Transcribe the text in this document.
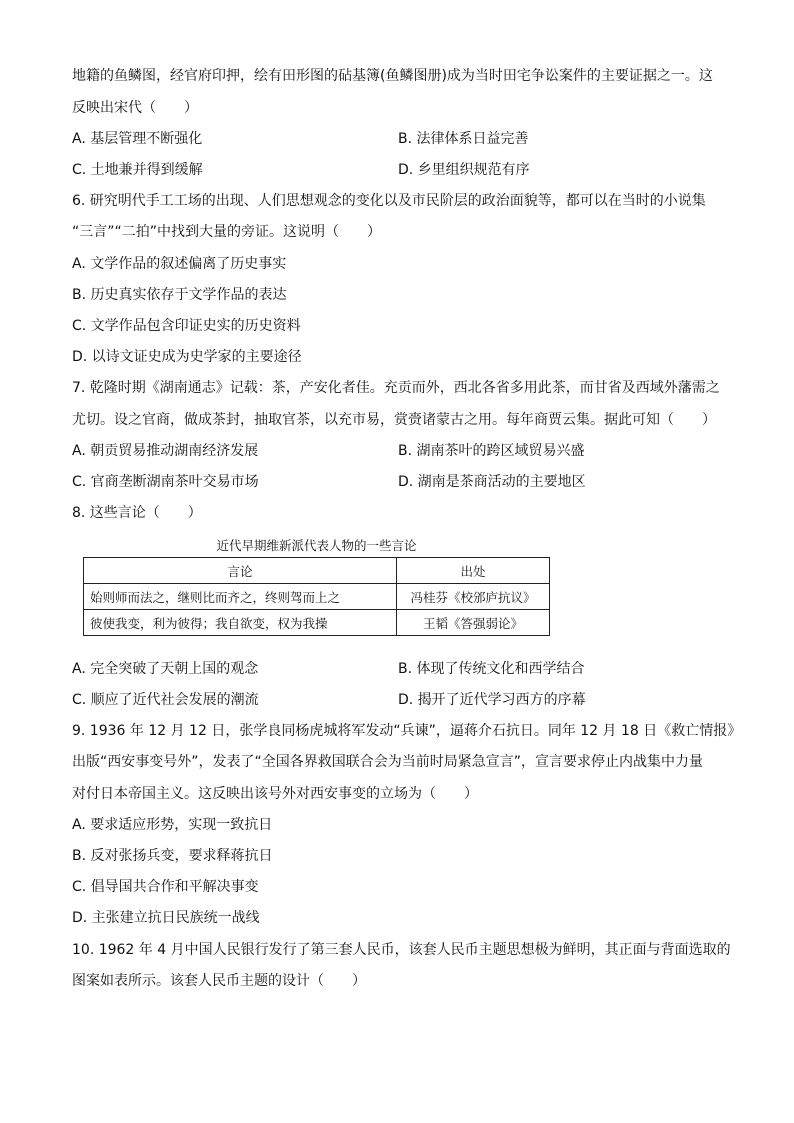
地籍的鱼鳞图，经官府印押，绘有田形图的砧基簿(鱼鳞图册)成为当时田宅争讼案件的主要证据之一。这
反映出宋代（　　）
A. 基层管理不断强化	B. 法律体系日益完善
C. 土地兼并得到缓解	D. 乡里组织规范有序
6. 研究明代手工工场的出现、人们思想观念的变化以及市民阶层的政治面貌等，都可以在当时的小说集
“三言”“二拍”中找到大量的旁证。这说明（　　）
A. 文学作品的叙述偏离了历史事实
B. 历史真实依存于文学作品的表达
C. 文学作品包含印证史实的历史资料
D. 以诗文证史成为史学家的主要途径
7. 乾隆时期《湖南通志》记载：茶，产安化者佳。充贡而外，西北各省多用此茶，而甘省及西域外藩需之
尤切。设之官商，做成茶封，抽取官茶，以充市易，赏赍诸蒙古之用。每年商贾云集。据此可知（　　）
A. 朝贡贸易推动湖南经济发展	B. 湖南茶叶的跨区域贸易兴盛
C. 官商垄断湖南茶叶交易市场	D. 湖南是茶商活动的主要地区
8. 这些言论（　　）
近代早期维新派代表人物的一些言论
言论	出处
始则师而法之，继则比而齐之，终则驾而上之	冯桂芬《校邠庐抗议》
彼使我变，利为彼得；我自欲变，权为我操	王韬《答强弱论》
A. 完全突破了天朝上国的观念	B. 体现了传统文化和西学结合
C. 顺应了近代社会发展的潮流	D. 揭开了近代学习西方的序幕
9. 1936 年 12 月 12 日，张学良同杨虎城将军发动“兵谏”，逼蒋介石抗日。同年 12 月 18 日《救亡情报》
出版“西安事变号外”，发表了“全国各界救国联合会为当前时局紧急宣言”，宣言要求停止内战集中力量
对付日本帝国主义。这反映出该号外对西安事变的立场为（　　）
A. 要求适应形势，实现一致抗日
B. 反对张扬兵变，要求释蒋抗日
C. 倡导国共合作和平解决事变
D. 主张建立抗日民族统一战线
10. 1962 年 4 月中国人民银行发行了第三套人民币，该套人民币主题思想极为鲜明，其正面与背面选取的
图案如表所示。该套人民币主题的设计（　　）
